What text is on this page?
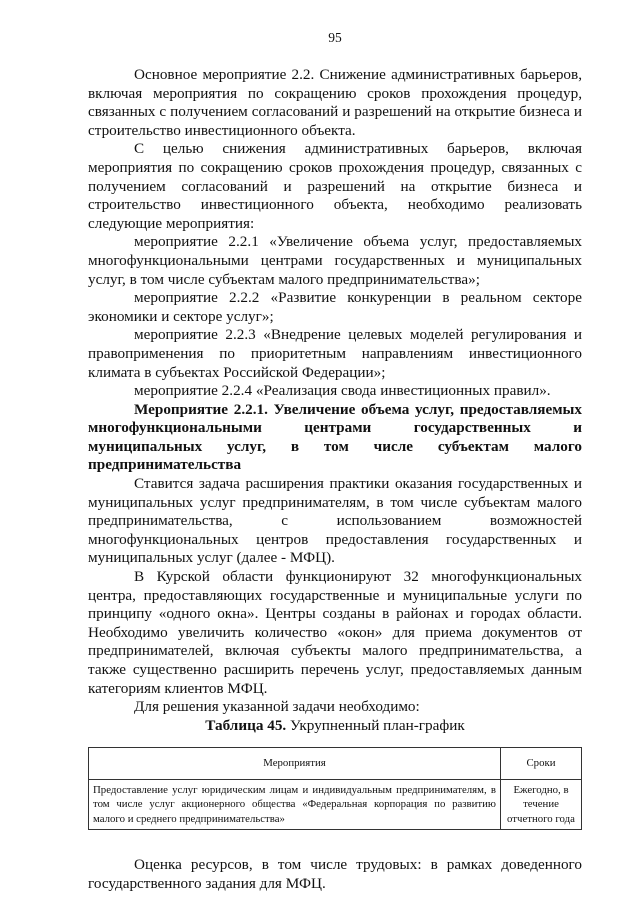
95

Основное мероприятие 2.2. Снижение административных барьеров, включая мероприятия по сокращению сроков прохождения процедур, связанных с получением согласований и разрешений на открытие бизнеса и строительство инвестиционного объекта.

С целью снижения административных барьеров, включая мероприятия по сокращению сроков прохождения процедур, связанных с получением согласований и разрешений на открытие бизнеса и строительство инвестиционного объекта, необходимо реализовать следующие мероприятия:

мероприятие 2.2.1 «Увеличение объема услуг, предоставляемых многофункциональными центрами государственных и муниципальных услуг, в том числе субъектам малого предпринимательства»;

мероприятие 2.2.2 «Развитие конкуренции в реальном секторе экономики и секторе услуг»;

мероприятие 2.2.3 «Внедрение целевых моделей регулирования и правоприменения по приоритетным направлениям инвестиционного климата в субъектах Российской Федерации»;

мероприятие 2.2.4 «Реализация свода инвестиционных правил».

Мероприятие 2.2.1. Увеличение объема услуг, предоставляемых многофункциональными центрами государственных и муниципальных услуг, в том числе субъектам малого предпринимательства

Ставится задача расширения практики оказания государственных и муниципальных услуг предпринимателям, в том числе субъектам малого предпринимательства, с использованием возможностей многофункциональных центров предоставления государственных и муниципальных услуг (далее - МФЦ).

В Курской области функционируют 32 многофункциональных центра, предоставляющих государственные и муниципальные услуги по принципу «одного окна». Центры созданы в районах и городах области. Необходимо увеличить количество «окон» для приема документов от предпринимателей, включая субъекты малого предпринимательства, а также существенно расширить перечень услуг, предоставляемых данным категориям клиентов МФЦ.

Для решения указанной задачи необходимо:

Таблица 45. Укрупненный план-график
Мероприятия	Сроки
Предоставление услуг юридическим лицам и индивидуальным предпринимателям, в том числе услуг акционерного общества «Федеральная корпорация по развитию малого и среднего предпринимательства»	Ежегодно, в течение отчетного года

Оценка ресурсов, в том числе трудовых: в рамках доведенного государственного задания для МФЦ.
